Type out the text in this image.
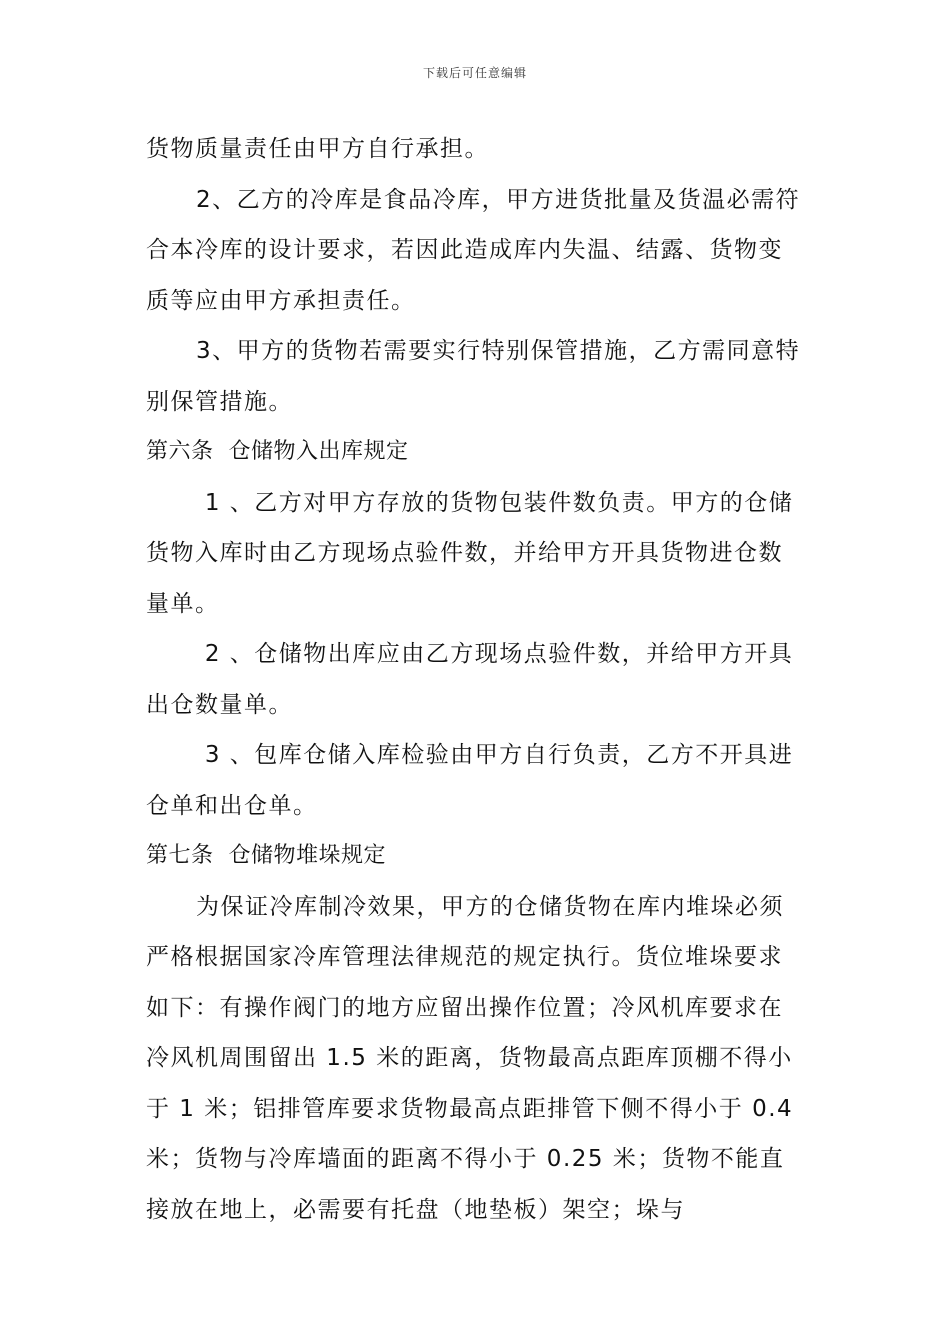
下载后可任意编辑

货物质量责任由甲方自行承担。

2、乙方的冷库是食品冷库，甲方进货批量及货温必需符合本冷库的设计要求，若因此造成库内失温、结露、货物变质等应由甲方承担责任。

3、甲方的货物若需要实行特别保管措施，乙方需同意特别保管措施。

第六条  仓储物入出库规定

1 、乙方对甲方存放的货物包装件数负责。甲方的仓储货物入库时由乙方现场点验件数，并给甲方开具货物进仓数量单。

2 、仓储物出库应由乙方现场点验件数，并给甲方开具出仓数量单。

3 、包库仓储入库检验由甲方自行负责，乙方不开具进仓单和出仓单。

第七条  仓储物堆垛规定

为保证冷库制冷效果，甲方的仓储货物在库内堆垛必须严格根据国家冷库管理法律规范的规定执行。货位堆垛要求如下：有操作阀门的地方应留出操作位置；冷风机库要求在冷风机周围留出 1.5 米的距离，货物最高点距库顶棚不得小于 1 米；铝排管库要求货物最高点距排管下侧不得小于 0.4 米；货物与冷库墙面的距离不得小于 0.25 米；货物不能直接放在地上，必需要有托盘（地垫板）架空；垛与
